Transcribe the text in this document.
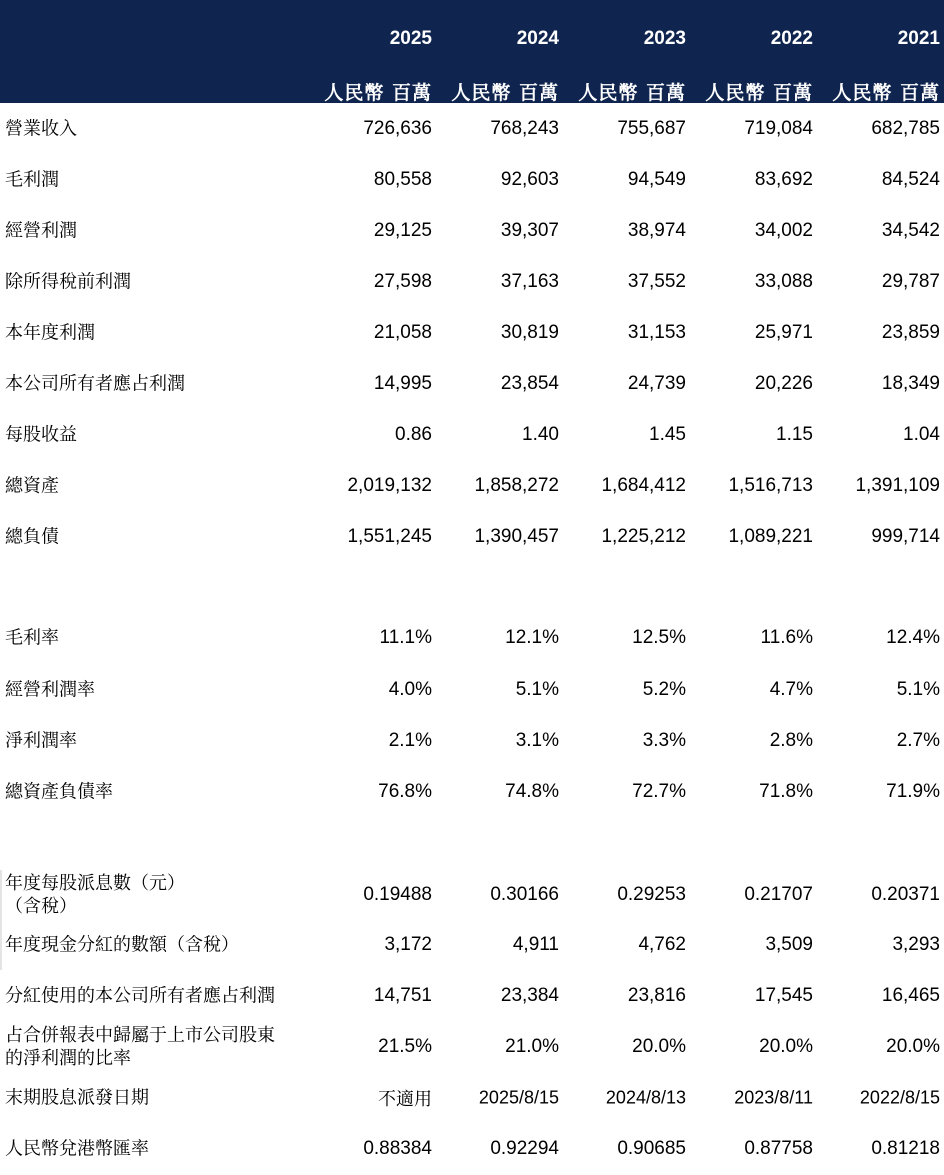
2025	2024	2023	2022	2021
人民幣 百萬 人民幣 百萬 人民幣 百萬 人民幣 百萬 人民幣 百萬
營業收入	726,636	768,243	755,687	719,084	682,785
毛利潤	80,558	92,603	94,549	83,692	84,524
經營利潤	29,125	39,307	38,974	34,002	34,542
除所得稅前利潤	27,598	37,163	37,552	33,088	29,787
本年度利潤	21,058	30,819	31,153	25,971	23,859
本公司所有者應占利潤	14,995	23,854	24,739	20,226	18,349
每股收益	0.86	1.40	1.45	1.15	1.04
總資產	2,019,132 1,858,272 1,684,412 1,516,713 1,391,109
總負債	1,551,245 1,390,457 1,225,212 1,089,221	999,714
毛利率	11.1%	12.1%	12.5%	11.6%	12.4%
經營利潤率	4.0%	5.1%	5.2%	4.7%	5.1%
淨利潤率	2.1%	3.1%	3.3%	2.8%	2.7%
總資產負債率	76.8%	74.8%	72.7%	71.8%	71.9%
年度每股派息數（元）
（含稅）
0.19488	0.30166	0.29253	0.21707	0.20371
年度現金分紅的數額（含稅）	3,172	4,911	4,762	3,509	3,293
分紅使用的本公司所有者應占利潤	14,751	23,384	23,816	17,545	16,465
占合併報表中歸屬于上市公司股東
的淨利潤的比率
21.5%	21.0%	20.0%	20.0%	20.0%
末期股息派發日期	不適用	2025/8/15	2024/8/13	2023/8/11	2022/8/15
人民幣兌港幣匯率	0.88384	0.92294	0.90685	0.87758	0.81218
